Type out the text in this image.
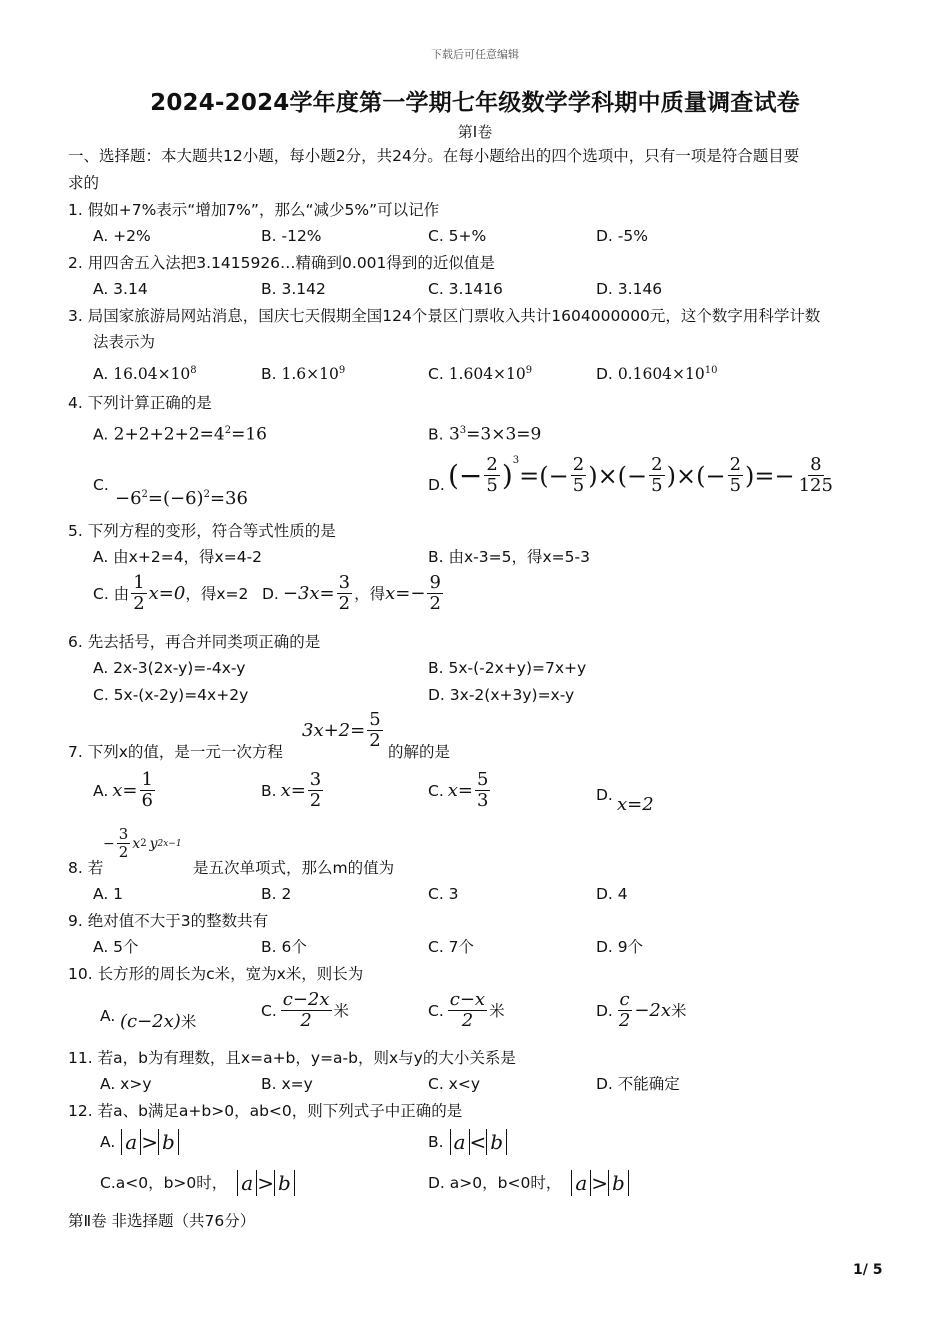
下载后可任意编辑
2024-2024学年度第一学期七年级数学学科期中质量调查试卷
第Ⅰ卷
一、选择题：本大题共12小题，每小题2分，共24分。在每小题给出的四个选项中，只有一项是符合题目要
求的
1. 假如+7%表示“增加7%”，那么“减少5%”可以记作
A. +2%	B. -12%	C. 5+%	D. -5%
2. 用四舍五入法把3.1415926…精确到0.001得到的近似值是
A. 3.14	B. 3.142	C. 3.1416	D. 3.146
3. 局国家旅游局网站消息，国庆七天假期全国124个景区门票收入共计1604000000元，这个数字用科学计数
法表示为
A. $16.04\times 10^8$	B. $1.6\times 10^9$	C. $1.604\times 10^9$	D. $0.1604\times 10^{10}$
4. 下列计算正确的是
A. $2+2+2+2=4^2=16$	B. $3^3=3\times 3=9$
C.
$-6^2=(-6)^2=36$
D. (− $\frac{2}{5} )^3$
=(− $\frac{2}{5}$ )×(− $\frac{2}{5}$ )×(− $\frac{2}{5}$ )=− $\frac{8}{125}$
5. 下列方程的变形，符合等式性质的是
A. 由x+2=4，得x=4-2	B. 由x-3=5，得x=5-3
C. 由 $\frac{1}{2} x=0$ ，得x=2 D. $-3x= \frac{3}{2}$ ，得 $x=- \frac{9}{2}$
6. 先去括号，再合并同类项正确的是
A. 2x-3(2x-y)=-4x-y	B. 5x-(-2x+y)=7x+y
C. 5x-(x-2y)=4x+2y	D. 3x-2(x+3y)=x-y
7. 下列x的值，是一元一次方程
$3x+2= \frac{5}{2}$
的解的是
A. $x= \frac{1}{6}$	B. $x= \frac{3}{2}$	C. $x= \frac{5}{3}$	D. x=2
− $\frac{3}{2}$ x 2 y 2x−1
8. 若	是五次单项式，那么m的值为
A. 1	B. 2	C. 3	D. 4
9. 绝对值不大于3的整数共有
A. 5个	B. 6个	C. 7个	D. 9个
10. 长方形的周长为c米，宽为x米，则长为
A. (c−2x)米
C. $\frac{c-2x}{2}$ 米	C. $\frac{c-x}{2}$ 米	D. $\frac{c}{2} -2x$ 米
11. 若a，b为有理数，且x=a+b，y=a-b，则x与y的大小关系是
A. x>y	B. x=y	C. x<y	D. 不能确定
12. 若a、b满足a+b>0，ab<0，则下列式子中正确的是
A. a > b	B. a < b
C.a<0，b>0时， a > b	D. a>0，b<0时， a > b
第Ⅱ卷 非选择题（共76分）
1/ 5
